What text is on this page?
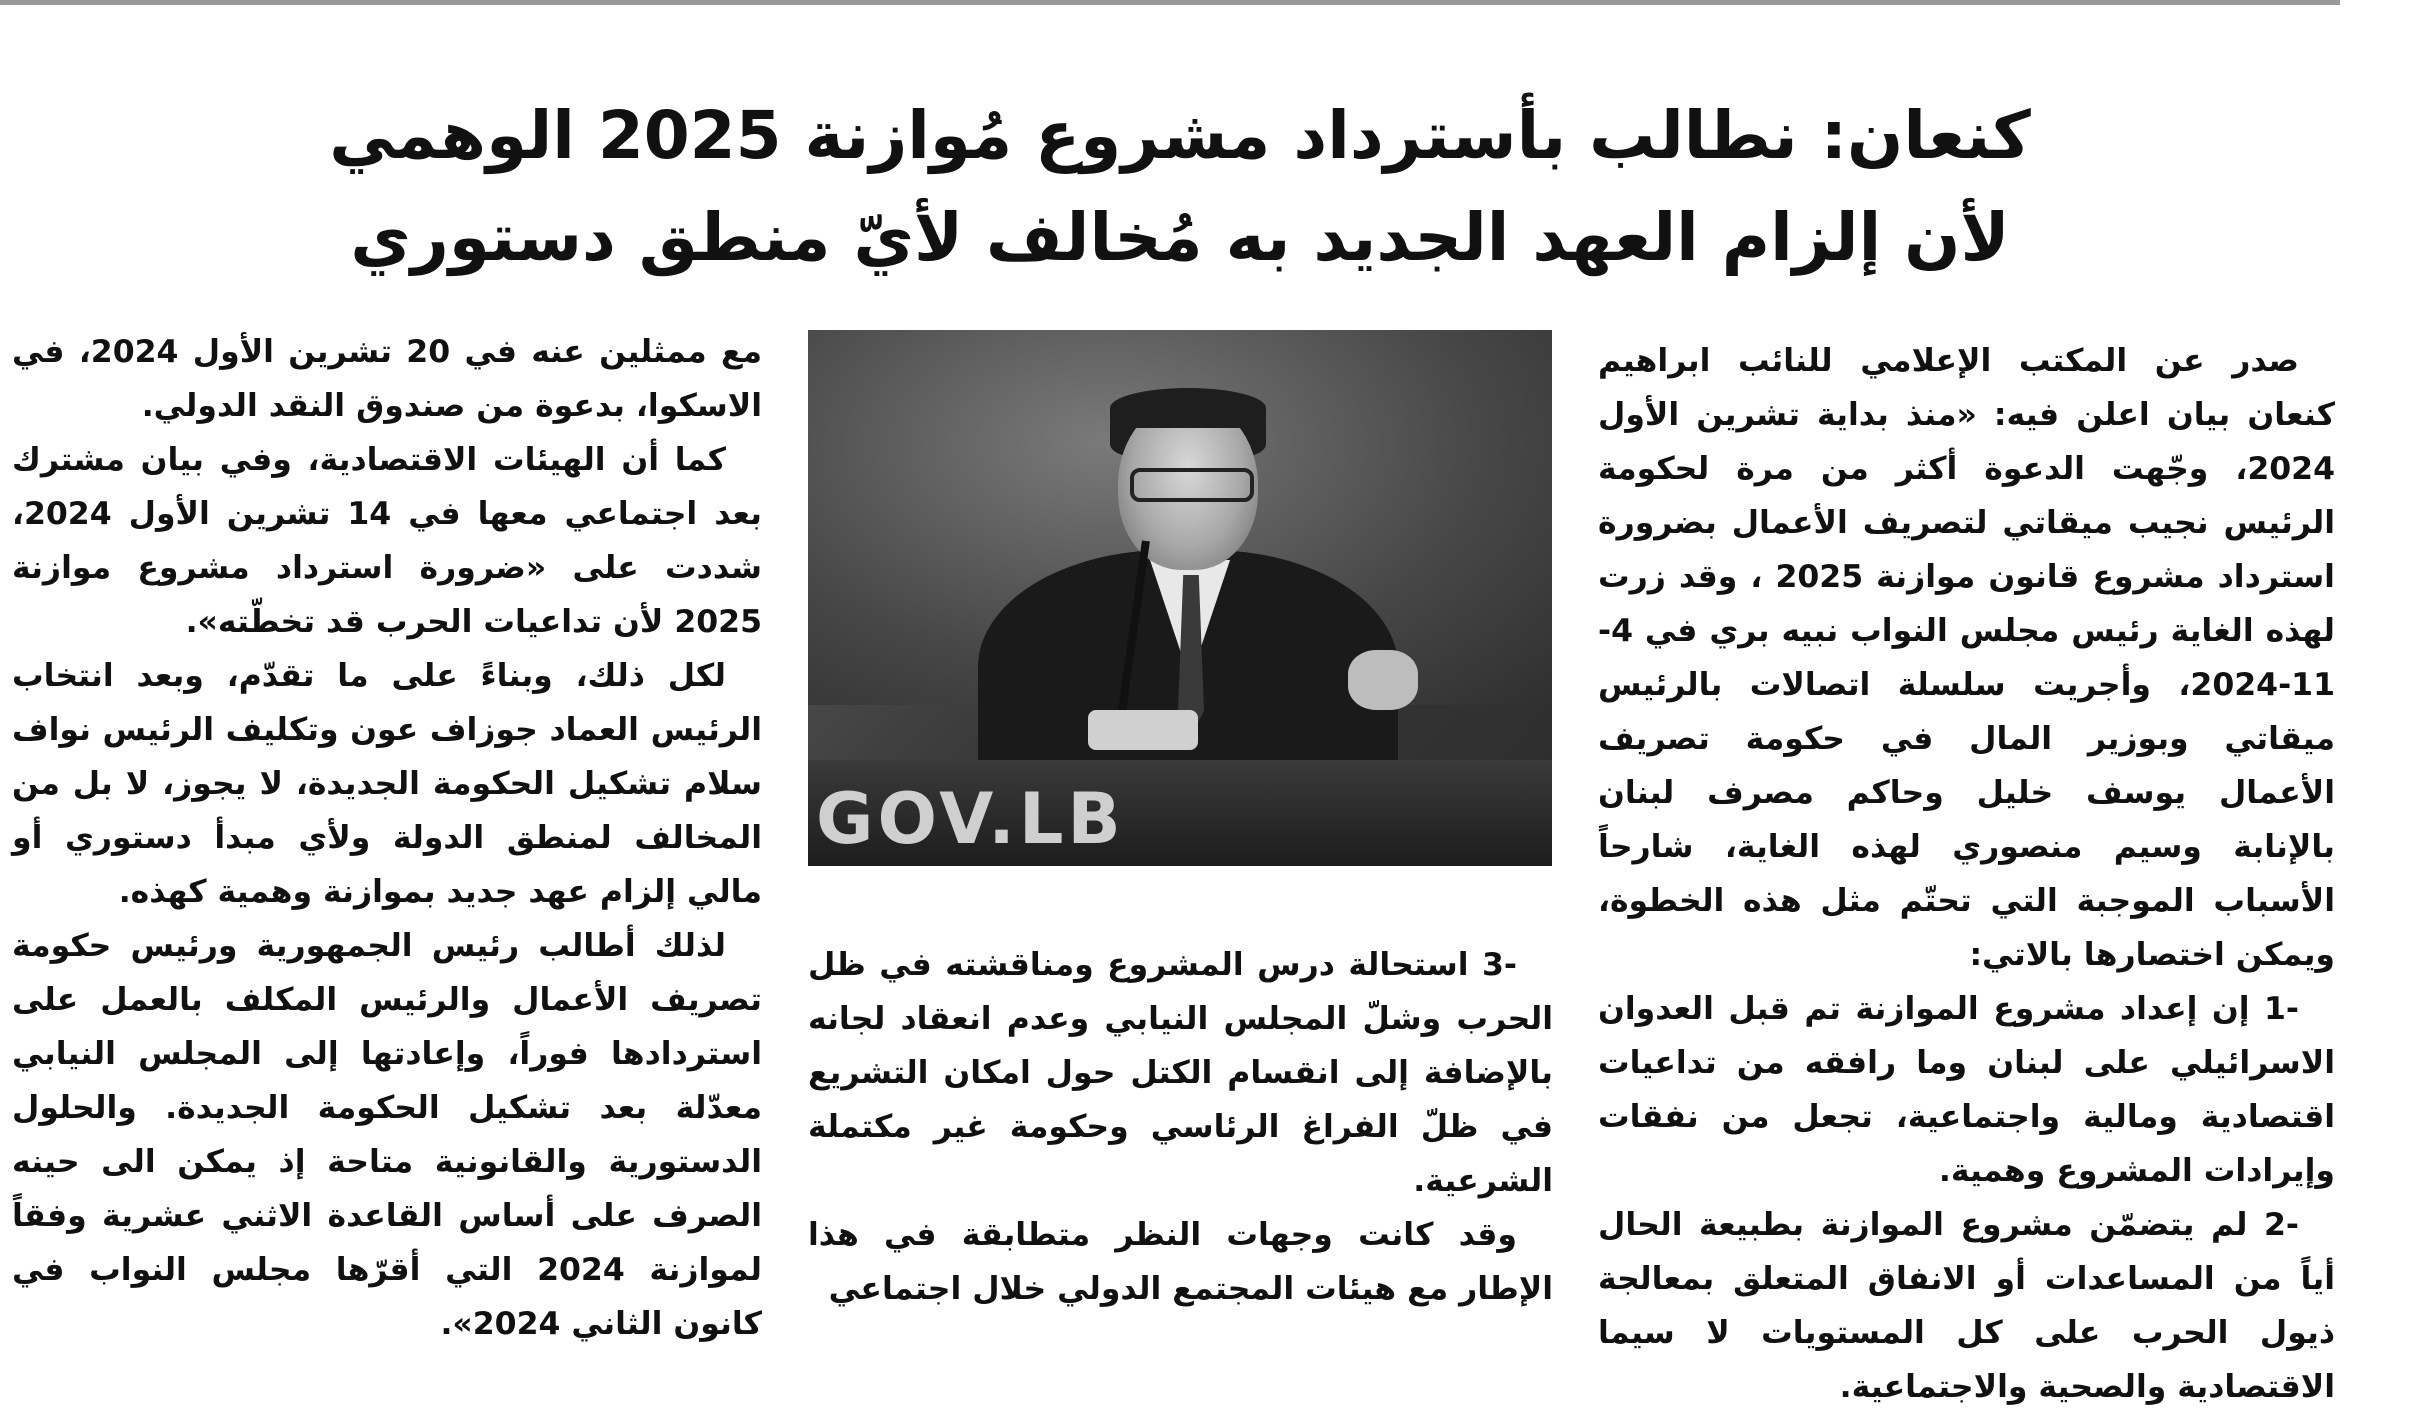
كنعان: نطالب بأسترداد مشروع مُوازنة 2025 الوهمي
لأن إلزام العهد الجديد به مُخالف لأيّ منطق دستوري

صدر عن المكتب الإعلامي للنائب ابراهيم كنعان بيان اعلن فيه: «منذ بداية تشرين الأول 2024، وجّهت الدعوة أكثر من مرة لحكومة الرئيس نجيب ميقاتي لتصريف الأعمال بضرورة استرداد مشروع قانون موازنة 2025 ، وقد زرت لهذه الغاية رئيس مجلس النواب نبيه بري في 4-11-2024، وأجريت سلسلة اتصالات بالرئيس ميقاتي وبوزير المال في حكومة تصريف الأعمال يوسف خليل وحاكم مصرف لبنان بالإنابة وسيم منصوري لهذه الغاية، شارحاً الأسباب الموجبة التي تحتّم مثل هذه الخطوة، ويمكن اختصارها بالاتي:

-1 إن إعداد مشروع الموازنة تم قبل العدوان الاسرائيلي على لبنان وما رافقه من تداعيات اقتصادية ومالية واجتماعية، تجعل من نفقات وإيرادات المشروع وهمية.

-2 لم يتضمّن مشروع الموازنة بطبيعة الحال أياً من المساعدات أو الانفاق المتعلق بمعالجة ذيول الحرب على كل المستويات لا سيما الاقتصادية والصحية والاجتماعية.

GOV.LB

-3 استحالة درس المشروع ومناقشته في ظل الحرب وشلّ المجلس النيابي وعدم انعقاد لجانه بالإضافة إلى انقسام الكتل حول امكان التشريع في ظلّ الفراغ الرئاسي وحكومة غير مكتملة الشرعية.

وقد كانت وجهات النظر متطابقة في هذا الإطار مع هيئات المجتمع الدولي خلال اجتماعي

مع ممثلين عنه في 20 تشرين الأول 2024، في الاسكوا، بدعوة من صندوق النقد الدولي.

كما أن الهيئات الاقتصادية، وفي بيان مشترك بعد اجتماعي معها في 14 تشرين الأول 2024، شددت على «ضرورة استرداد مشروع موازنة 2025 لأن تداعيات الحرب قد تخطّته».

لكل ذلك، وبناءً على ما تقدّم، وبعد انتخاب الرئيس العماد جوزاف عون وتكليف الرئيس نواف سلام تشكيل الحكومة الجديدة، لا يجوز، لا بل من المخالف لمنطق الدولة ولأي مبدأ دستوري أو مالي إلزام عهد جديد بموازنة وهمية كهذه.

لذلك أطالب رئيس الجمهورية ورئيس حكومة تصريف الأعمال والرئيس المكلف بالعمل على استردادها فوراً، وإعادتها إلى المجلس النيابي معدّلة بعد تشكيل الحكومة الجديدة. والحلول الدستورية والقانونية متاحة إذ يمكن الى حينه الصرف على أساس القاعدة الاثني عشرية وفقاً لموازنة 2024 التي أقرّها مجلس النواب في كانون الثاني 2024».
